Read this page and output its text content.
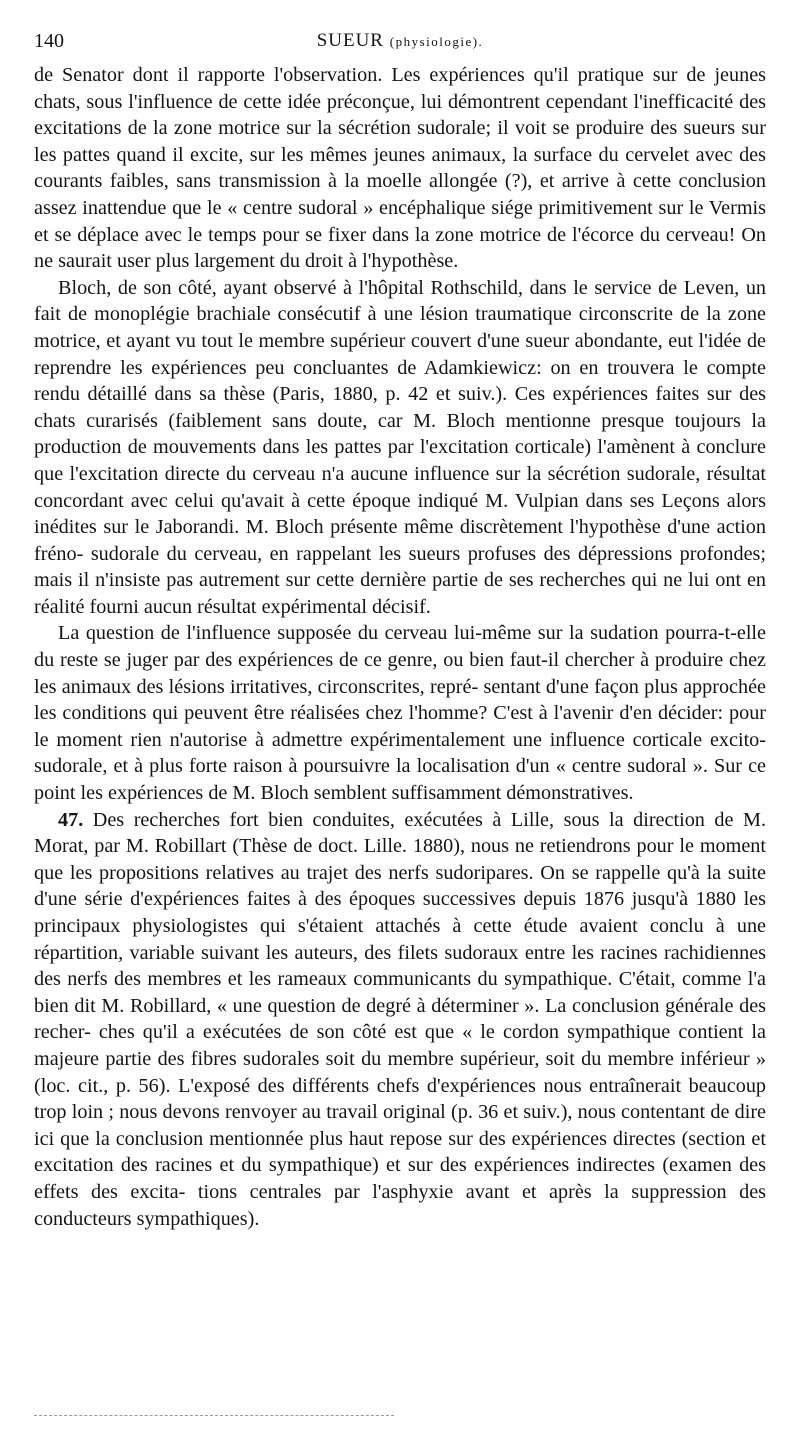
140	SUEUR (physiologie).

de Senator dont il rapporte l'observation. Les expériences qu'il pratique sur de jeunes chats, sous l'influence de cette idée préconçue, lui démontrent cependant l'inefficacité des excitations de la zone motrice sur la sécrétion sudorale; il voit se produire des sueurs sur les pattes quand il excite, sur les mêmes jeunes animaux, la surface du cervelet avec des courants faibles, sans transmission à la moelle allongée (?), et arrive à cette conclusion assez inattendue que le « centre sudoral » encéphalique siége primitivement sur le Vermis et se déplace avec le temps pour se fixer dans la zone motrice de l'écorce du cerveau! On ne saurait user plus largement du droit à l'hypothèse.

Bloch, de son côté, ayant observé à l'hôpital Rothschild, dans le service de Leven, un fait de monoplégie brachiale consécutif à une lésion traumatique circonscrite de la zone motrice, et ayant vu tout le membre supérieur couvert d'une sueur abondante, eut l'idée de reprendre les expériences peu concluantes de Adamkiewicz: on en trouvera le compte rendu détaillé dans sa thèse (Paris, 1880, p. 42 et suiv.). Ces expériences faites sur des chats curarisés (faiblement sans doute, car M. Bloch mentionne presque toujours la production de mouvements dans les pattes par l'excitation corticale) l'amènent à conclure que l'excitation directe du cerveau n'a aucune influence sur la sécrétion sudorale, résultat concordant avec celui qu'avait à cette époque indiqué M. Vulpian dans ses Leçons alors inédites sur le Jaborandi. M. Bloch présente même discrètement l'hypothèse d'une action fréno- sudorale du cerveau, en rappelant les sueurs profuses des dépressions profondes; mais il n'insiste pas autrement sur cette dernière partie de ses recherches qui ne lui ont en réalité fourni aucun résultat expérimental décisif.

La question de l'influence supposée du cerveau lui-même sur la sudation pourra-t-elle du reste se juger par des expériences de ce genre, ou bien faut-il chercher à produire chez les animaux des lésions irritatives, circonscrites, repré- sentant d'une façon plus approchée les conditions qui peuvent être réalisées chez l'homme? C'est à l'avenir d'en décider: pour le moment rien n'autorise à admettre expérimentalement une influence corticale excito-sudorale, et à plus forte raison à poursuivre la localisation d'un « centre sudoral ». Sur ce point les expériences de M. Bloch semblent suffisamment démonstratives.

47. Des recherches fort bien conduites, exécutées à Lille, sous la direction de M. Morat, par M. Robillart (Thèse de doct. Lille. 1880), nous ne retiendrons pour le moment que les propositions relatives au trajet des nerfs sudoripares. On se rappelle qu'à la suite d'une série d'expériences faites à des époques successives depuis 1876 jusqu'à 1880 les principaux physiologistes qui s'étaient attachés à cette étude avaient conclu à une répartition, variable suivant les auteurs, des filets sudoraux entre les racines rachidiennes des nerfs des membres et les rameaux communicants du sympathique. C'était, comme l'a bien dit M. Robillard, « une question de degré à déterminer ». La conclusion générale des recher- ches qu'il a exécutées de son côté est que « le cordon sympathique contient la majeure partie des fibres sudorales soit du membre supérieur, soit du membre inférieur » (loc. cit., p. 56). L'exposé des différents chefs d'expériences nous entraînerait beaucoup trop loin ; nous devons renvoyer au travail original (p. 36 et suiv.), nous contentant de dire ici que la conclusion mentionnée plus haut repose sur des expériences directes (section et excitation des racines et du sympathique) et sur des expériences indirectes (examen des effets des excita- tions centrales par l'asphyxie avant et après la suppression des conducteurs sympathiques).
